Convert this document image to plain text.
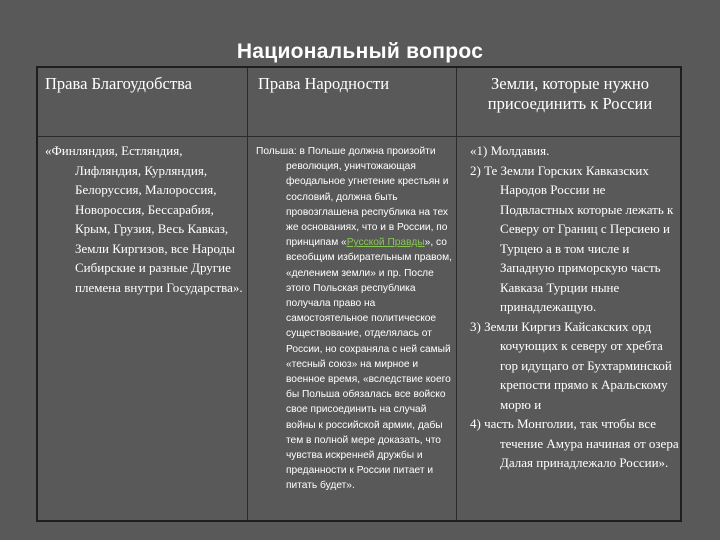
Национальный вопрос
Права Благоудобства	Права Народности	Земли, которые нужно присоединить к России
«Финляндия, Естляндия, Лифляндия, Курляндия, Белоруссия, Малороссия, Новороссия, Бессарабия, Крым, Грузия, Весь Кавказ, Земли Киргизов, все Народы Сибирские и разные Другие племена внутри Государства».
Польша: в Польше должна произойти революция, уничтожающая феодальное угнетение крестьян и сословий, должна быть провозглашена республика на тех же основаниях, что и в России, по принципам «Русской Правды», со всеобщим избирательным правом, «делением земли» и пр. После этого Польская республика получала право на самостоятельное политическое существование, отделялась от России, но сохраняла с ней самый «тесный союз» на мирное и военное время, «вследствие коего бы Польша обязалась все войско свое присоединить на случай войны к российской армии, дабы тем в полной мере доказать, что чувства искренней дружбы и преданности к России питает и питать будет».

«1) Молдавия.

2) Те Земли Горских Кавказских Народов России не Подвластных которые лежать к Северу от Границ с Персиею и Турцею а в том числе и Западную приморскую часть Кавказа Турции ныне принадлежащую.

3) Земли Киргиз Кайсакских орд кочующих к северу от хребта гор идущаго от Бухтарминской крепости прямо к Аральскому морю и

4) часть Монголии, так чтобы все течение Амура начиная от озера Далая принадлежало России».
